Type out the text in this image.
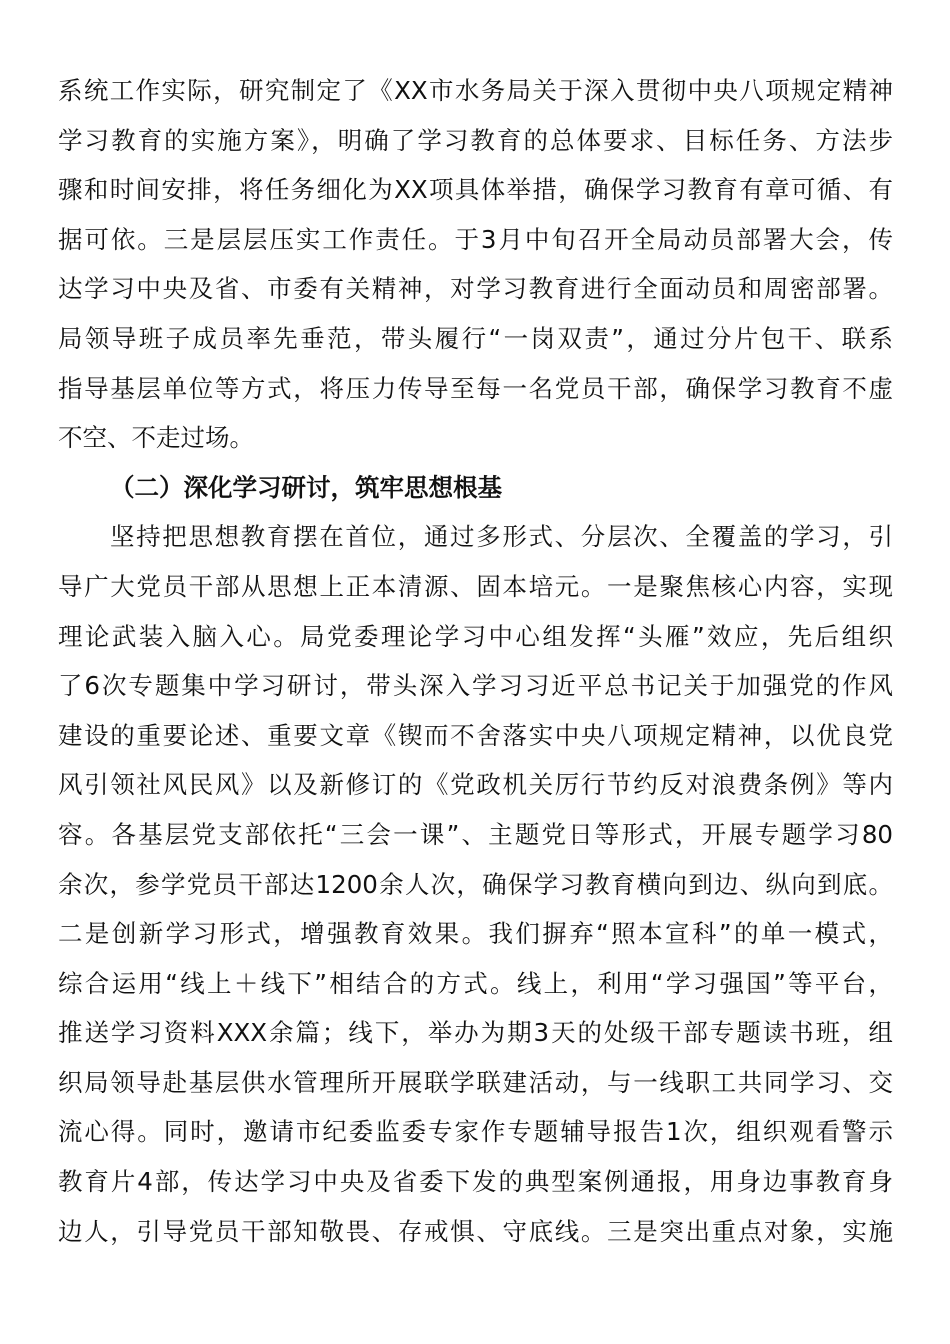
系统工作实际，研究制定了《XX市水务局关于深入贯彻中央八项规定精神
学习教育的实施方案》，明确了学习教育的总体要求、目标任务、方法步
骤和时间安排，将任务细化为XX项具体举措，确保学习教育有章可循、有
据可依。三是层层压实工作责任。于3月中旬召开全局动员部署大会，传
达学习中央及省、市委有关精神，对学习教育进行全面动员和周密部署。
局领导班子成员率先垂范，带头履行“一岗双责”，通过分片包干、联系
指导基层单位等方式，将压力传导至每一名党员干部，确保学习教育不虚
不空、不走过场。
（二）深化学习研讨，筑牢思想根基
坚持把思想教育摆在首位，通过多形式、分层次、全覆盖的学习，引
导广大党员干部从思想上正本清源、固本培元。一是聚焦核心内容，实现
理论武装入脑入心。局党委理论学习中心组发挥“头雁”效应，先后组织
了6次专题集中学习研讨，带头深入学习习近平总书记关于加强党的作风
建设的重要论述、重要文章《锲而不舍落实中央八项规定精神，以优良党
风引领社风民风》以及新修订的《党政机关厉行节约反对浪费条例》等内
容。各基层党支部依托“三会一课”、主题党日等形式，开展专题学习80
余次，参学党员干部达1200余人次，确保学习教育横向到边、纵向到底。
二是创新学习形式，增强教育效果。我们摒弃“照本宣科”的单一模式，
综合运用“线上＋线下”相结合的方式。线上，利用“学习强国”等平台，
推送学习资料XXX余篇；线下，举办为期3天的处级干部专题读书班，组
织局领导赴基层供水管理所开展联学联建活动，与一线职工共同学习、交
流心得。同时，邀请市纪委监委专家作专题辅导报告1次，组织观看警示
教育片4部，传达学习中央及省委下发的典型案例通报，用身边事教育身
边人，引导党员干部知敬畏、存戒惧、守底线。三是突出重点对象，实施
